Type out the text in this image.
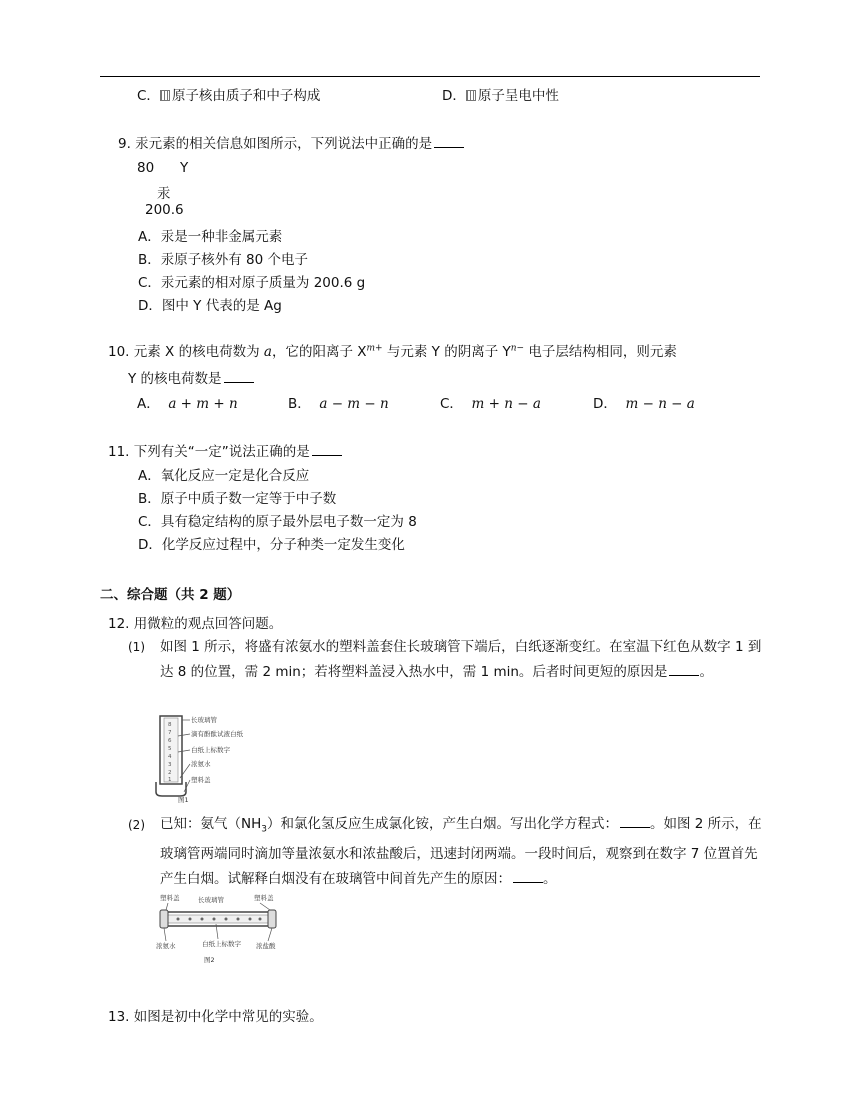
C． 原子核由质子和中子构成	D． 原子呈电中性
9. 汞元素的相关信息如图所示，下列说法中正确的是
80 Y
汞
200.6
A．汞是一种非金属元素
B．汞原子核外有 80 个电子
C．汞元素的相对原子质量为 200.6 g
D．图中 Y 代表的是 Ag
10. 元素 X 的核电荷数为 a，它的阳离子 $X^{m+}$ 与元素 Y 的阴离子 $Y^{n-}$ 电子层结构相同，则元素
Y 的核电荷数是
A． a + m + n	B． a − m − n	C． m + n − a	D． m − n − a
11. 下列有关“一定”说法正确的是
A．氧化反应一定是化合反应
B．原子中质子数一定等于中子数
C．具有稳定结构的原子最外层电子数一定为 8
D．化学反应过程中，分子种类一定发生变化
二、综合题（共 2 题）
12. 用微粒的观点回答问题。
(1) 如图 1 所示，将盛有浓氨水的塑料盖套住长玻璃管下端后，白纸逐渐变红。在室温下红色从数字 1 到达 8 的位置，需 2 min；若将塑料盖浸入热水中，需 1 min。后者时间更短的原因是 。
8
7
6
5
4
3
2
1
长玻璃管
滴有酚酞试液白纸
白纸上标数字
浓氨水
塑料盖
图1
(2) 已知：氨气$(NH_3)$和氯化氢反应生成氯化铵，产生白烟。写出化学方程式： 。如图 2 所示，在玻璃管两端同时滴加等量浓氨水和浓盐酸后，迅速封闭两端。一段时间后，观察到在数字 7 位置首先产生白烟。试解释白烟没有在玻璃管中间首先产生的原因： 。
塑料盖	长玻璃管	塑料盖
浓氨水	白纸上标数字 浓盐酸
图2
13. 如图是初中化学中常见的实验。
